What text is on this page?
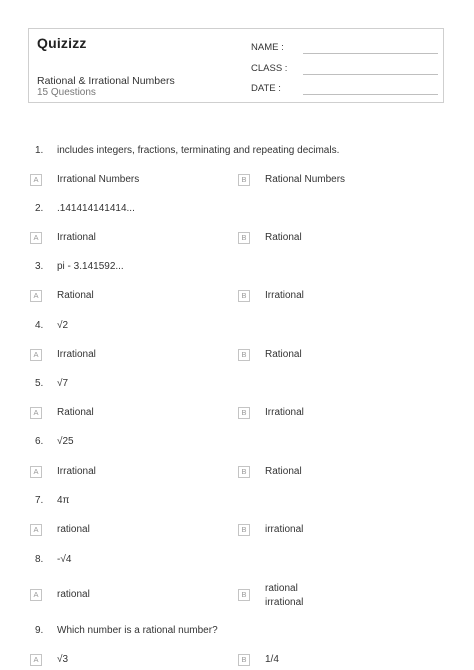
Quizizz
Rational & Irrational Numbers
15 Questions
NAME :
CLASS :
DATE :
1. includes integers, fractions, terminating and repeating decimals.
A	Irrational Numbers	B	Rational Numbers
2. .141414141414...
A	Irrational	B	Rational
3. pi - 3.141592...
A	Rational	B	Irrational
4. √2
A	Irrational	B	Rational
5. √7
A	Rational	B	Irrational
6. √25
A	Irrational	B	Rational
7. 4π
A	rational	B	irrational
8. -√4
A	rational	B
rational
irrational
9. Which number is a rational number?
A	√3	B	1/4
